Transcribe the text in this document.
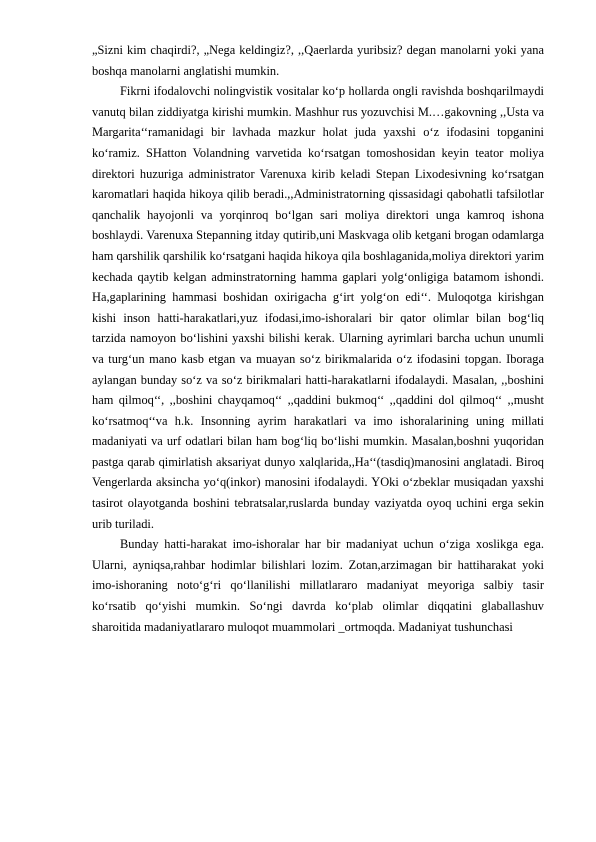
„Sizni kim chaqirdi?, „Nega keldingiz?, ,,Qaerlarda yuribsiz? degan manolarni yoki yana boshqa manolarni anglatishi mumkin.

Fikrni ifodalovchi nolingvistik vositalar ko‘p hollarda ongli ravishda boshqarilmaydi vanutq bilan ziddiyatga kirishi mumkin. Mashhur rus yozuvchisi M.…gakovning ,,Usta va Margarita‘‘ramanidagi bir lavhada mazkur holat juda yaxshi o‘z ifodasini topganini ko‘ramiz. SHatton Volandning varvetida ko‘rsatgan tomoshosidan keyin teator moliya direktori huzuriga administrator Varenuxa kirib keladi Stepan Lixodesivning ko‘rsatgan karomatlari haqida hikoya qilib beradi.,,Administratorning qissasidagi qabohatli tafsilotlar qanchalik hayojonli va yorqinroq bo‘lgan sari moliya direktori unga kamroq ishona boshlaydi. Varenuxa Stepanning itday qutirib,uni Maskvaga olib ketgani brogan odamlarga ham qarshilik qarshilik ko‘rsatgani haqida hikoya qila boshlaganida,moliya direktori yarim kechada qaytib kelgan adminstratorning hamma gaplari yolg‘onligiga batamom ishondi. Ha,gaplarining hammasi boshidan oxirigacha g‘irt yolg‘on edi‘‘. Muloqotga kirishgan kishi inson hatti-harakatlari,yuz ifodasi,imo-ishoralari bir qator olimlar bilan bog‘liq tarzida namoyon bo‘lishini yaxshi bilishi kerak. Ularning ayrimlari barcha uchun unumli va turg‘un mano kasb etgan va muayan so‘z birikmalarida o‘z ifodasini topgan. Iboraga aylangan bunday so‘z va so‘z birikmalari hatti-harakatlarni ifodalaydi. Masalan, ,,boshini ham qilmoq‘‘, ,,boshini chayqamoq‘‘ ,,qaddini bukmoq‘‘ ,,qaddini dol qilmoq‘‘ ,,musht ko‘rsatmoq‘‘va h.k. Insonning ayrim harakatlari va imo ishoralarining uning millati madaniyati va urf odatlari bilan ham bog‘liq bo‘lishi mumkin. Masalan,boshni yuqoridan pastga qarab qimirlatish aksariyat dunyo xalqlarida,,Ha‘‘(tasdiq)manosini anglatadi. Biroq Vengerlarda aksincha yo‘q(inkor) manosini ifodalaydi. YOki o‘zbeklar musiqadan yaxshi tasirot olayotganda boshini tebratsalar,ruslarda bunday vaziyatda oyoq uchini erga sekin urib turiladi.

Bunday hatti-harakat imo-ishoralar har bir madaniyat uchun o‘ziga xoslikga ega. Ularni, ayniqsa,rahbar hodimlar bilishlari lozim. Zotan,arzimagan bir hattiharakat yoki imo-ishoraning noto‘g‘ri qo‘llanilishi millatlararo madaniyat meyoriga salbiy tasir ko‘rsatib qo‘yishi mumkin. So‘ngi davrda ko‘plab olimlar diqqatini glaballashuv sharoitida madaniyatlararo muloqot muammolari _ortmoqda. Madaniyat tushunchasi
